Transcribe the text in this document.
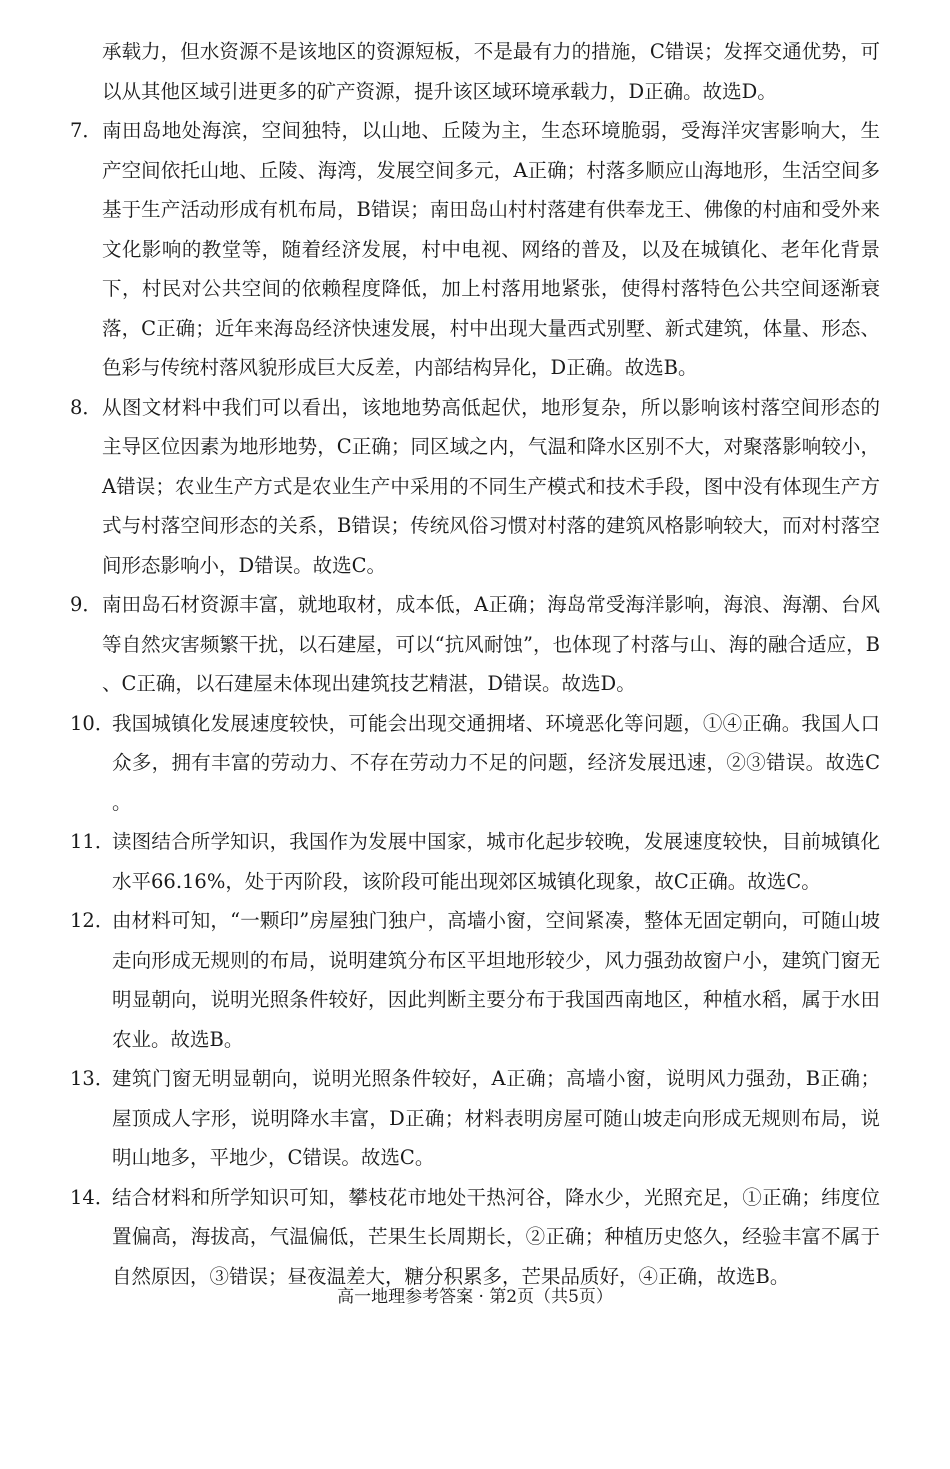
承载力，但水资源不是该地区的资源短板，不是最有力的措施，C错误；发挥交通优势，可以从其他区域引进更多的矿产资源，提升该区域环境承载力，D正确。故选D。

7． 南田岛地处海滨，空间独特，以山地、丘陵为主，生态环境脆弱，受海洋灾害影响大，生产空间依托山地、丘陵、海湾，发展空间多元，A正确；村落多顺应山海地形，生活空间多基于生产活动形成有机布局，B错误；南田岛山村村落建有供奉龙王、佛像的村庙和受外来文化影响的教堂等，随着经济发展，村中电视、网络的普及，以及在城镇化、老年化背景下，村民对公共空间的依赖程度降低，加上村落用地紧张，使得村落特色公共空间逐渐衰落，C正确；近年来海岛经济快速发展，村中出现大量西式别墅、新式建筑，体量、形态、色彩与传统村落风貌形成巨大反差，内部结构异化，D正确。故选B。

8． 从图文材料中我们可以看出，该地地势高低起伏，地形复杂，所以影响该村落空间形态的主导区位因素为地形地势，C正确；同区域之内，气温和降水区别不大，对聚落影响较小，A错误；农业生产方式是农业生产中采用的不同生产模式和技术手段，图中没有体现生产方式与村落空间形态的关系，B错误；传统风俗习惯对村落的建筑风格影响较大，而对村落空间形态影响小，D错误。故选C。

9． 南田岛石材资源丰富，就地取材，成本低，A正确；海岛常受海洋影响，海浪、海潮、台风等自然灾害频繁干扰，以石建屋，可以“抗风耐蚀”，也体现了村落与山、海的融合适应，B、C正确，以石建屋未体现出建筑技艺精湛，D错误。故选D。

10．

我国城镇化发展速度较快，可能会出现交通拥堵、环境恶化等问题，①④正确。我国人口众多，拥有丰富的劳动力、不存在劳动力不足的问题，经济发展迅速，②③错误。故选C。

11．

读图结合所学知识，我国作为发展中国家，城市化起步较晚，发展速度较快，目前城镇化水平66.16%，处于丙阶段，该阶段可能出现郊区城镇化现象，故C正确。故选C。

12．

由材料可知，“一颗印”房屋独门独户，高墙小窗，空间紧凑，整体无固定朝向，可随山坡走向形成无规则的布局，说明建筑分布区平坦地形较少，风力强劲故窗户小，建筑门窗无明显朝向，说明光照条件较好，因此判断主要分布于我国西南地区，种植水稻，属于水田农业。故选B。

13．

建筑门窗无明显朝向，说明光照条件较好，A正确；高墙小窗，说明风力强劲，B正确；屋顶成人字形，说明降水丰富，D正确；材料表明房屋可随山坡走向形成无规则布局，说明山地多，平地少，C错误。故选C。

14．

结合材料和所学知识可知，攀枝花市地处干热河谷，降水少，光照充足，①正确；纬度位置偏高，海拔高，气温偏低，芒果生长周期长，②正确；种植历史悠久，经验丰富不属于自然原因，③错误；昼夜温差大，糖分积累多，芒果品质好，④正确，故选B。

高一地理参考答案 · 第2页（共5页）
